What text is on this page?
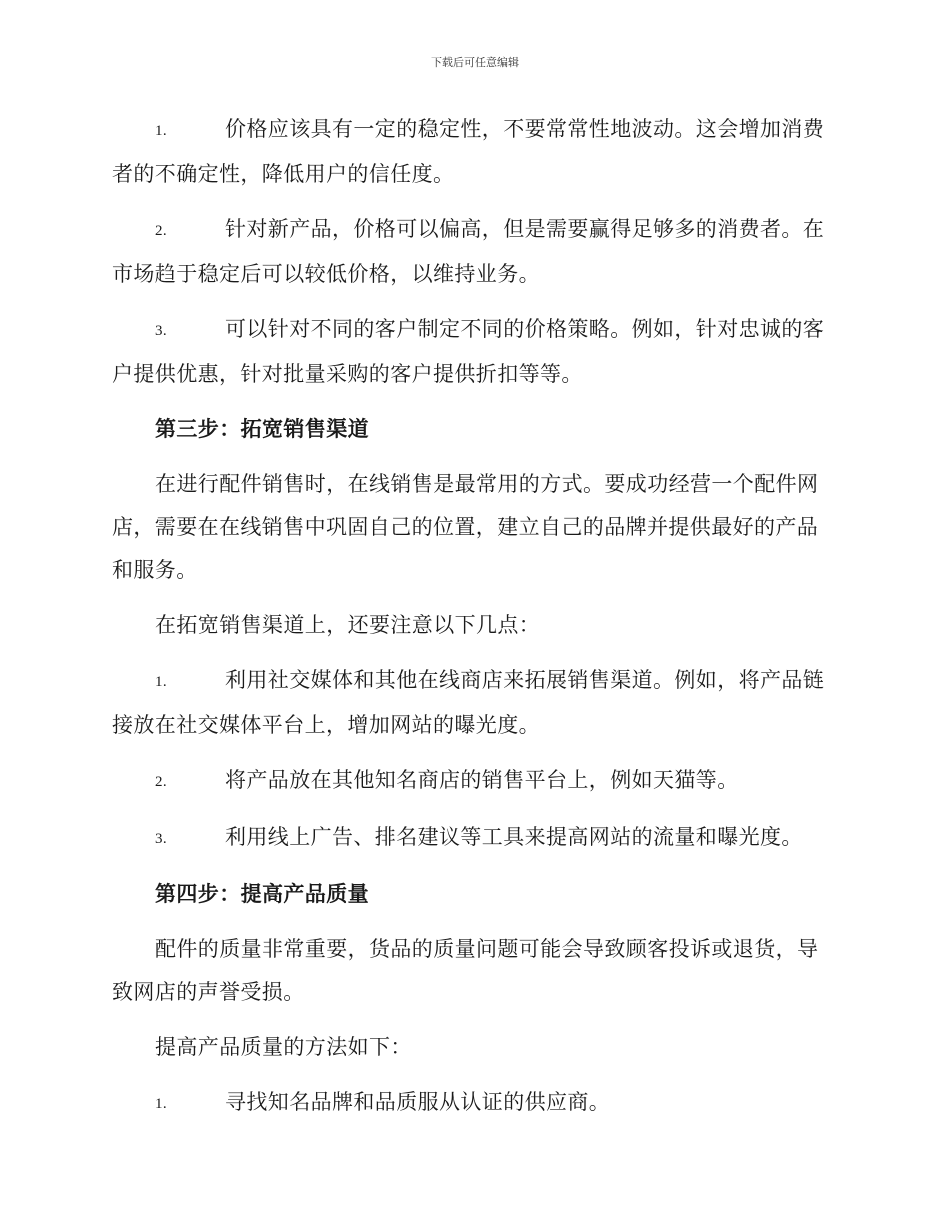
下载后可任意编辑

1.	价格应该具有一定的稳定性，不要常常性地波动。这会增加消费者的不确定性，降低用户的信任度。

2.	针对新产品，价格可以偏高，但是需要赢得足够多的消费者。在市场趋于稳定后可以较低价格，以维持业务。

3.	可以针对不同的客户制定不同的价格策略。例如，针对忠诚的客户提供优惠，针对批量采购的客户提供折扣等等。

第三步：拓宽销售渠道

在进行配件销售时，在线销售是最常用的方式。要成功经营一个配件网店，需要在在线销售中巩固自己的位置，建立自己的品牌并提供最好的产品和服务。

在拓宽销售渠道上，还要注意以下几点：

1.	利用社交媒体和其他在线商店来拓展销售渠道。例如，将产品链接放在社交媒体平台上，增加网站的曝光度。

2.	将产品放在其他知名商店的销售平台上，例如天猫等。

3.	利用线上广告、排名建议等工具来提高网站的流量和曝光度。

第四步：提高产品质量

配件的质量非常重要，货品的质量问题可能会导致顾客投诉或退货，导致网店的声誉受损。

提高产品质量的方法如下：

1.	寻找知名品牌和品质服从认证的供应商。
